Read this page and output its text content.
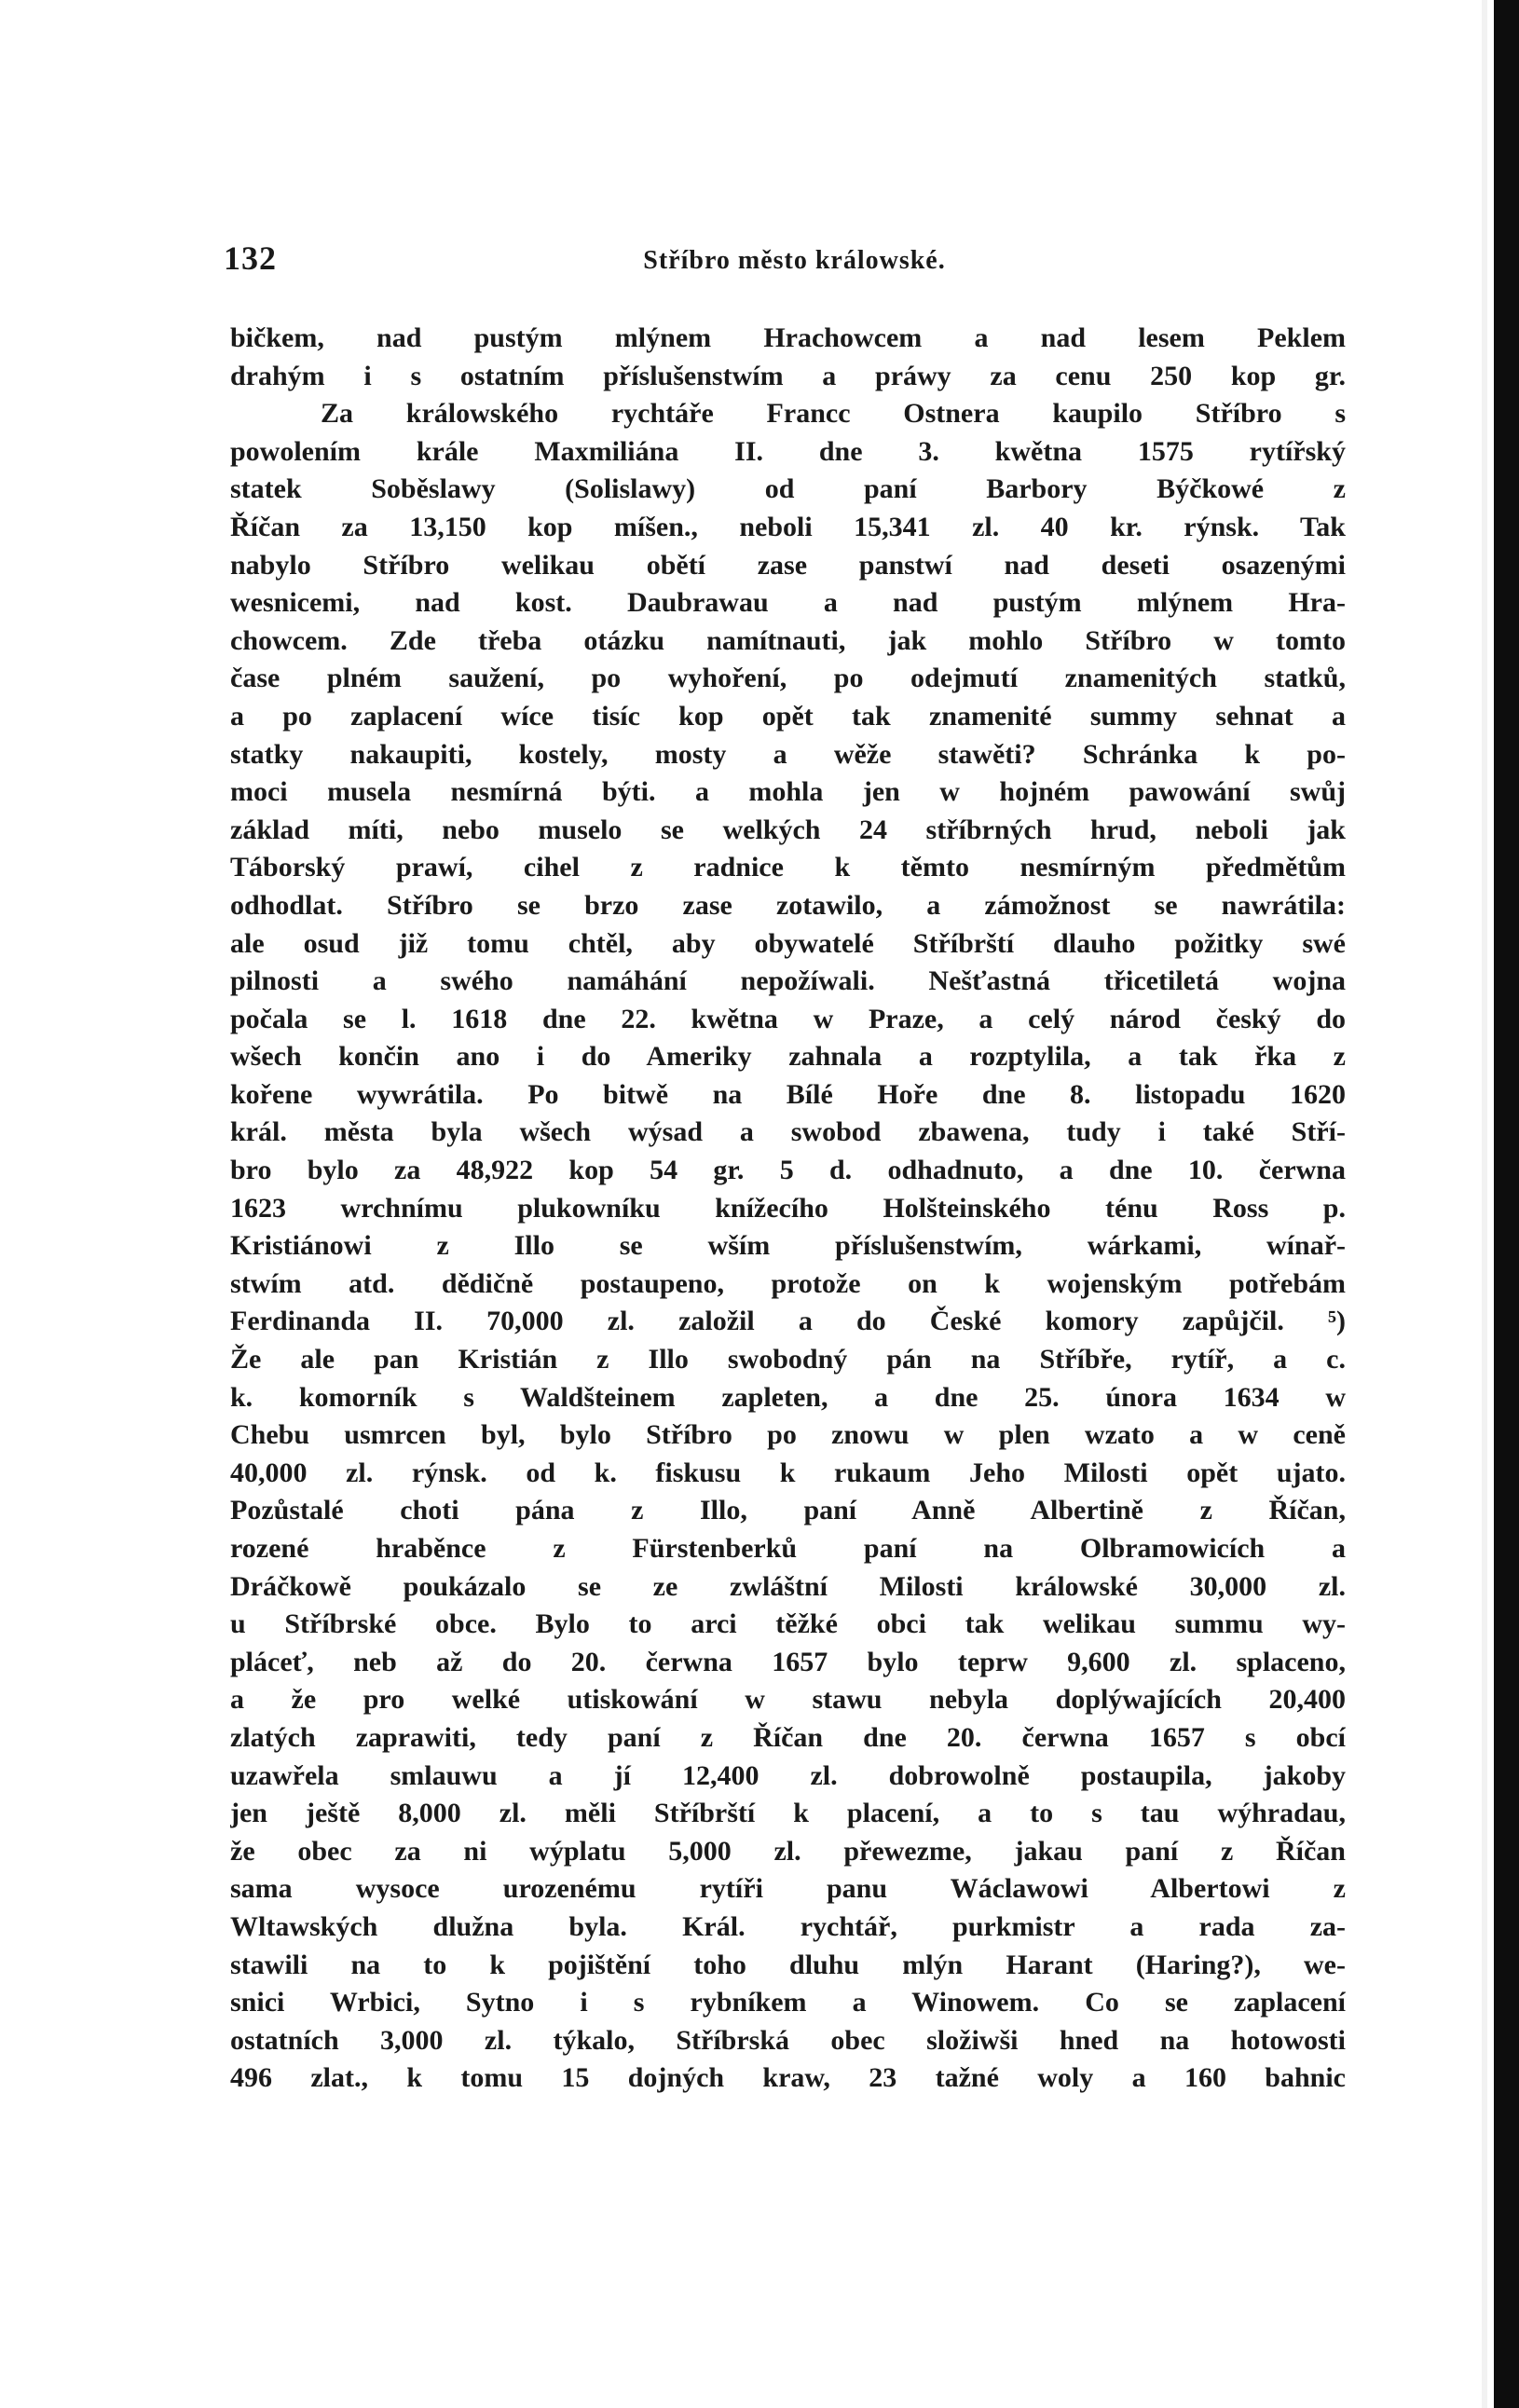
132	Stříbro město králowské.
bičkem, nad pustým mlýnem Hrachowcem a nad lesem Peklem
drahým i s ostatním příslušenstwím a práwy za cenu 250 kop gr.
Za králowského rychtáře Francc Ostnera kaupilo Stříbro s
powolením krále Maxmiliána II. dne 3. kwětna 1575 rytířský
statek Soběslawy (Solislawy) od paní Barbory Býčkowé z
Říčan za 13,150 kop míšen., neboli 15,341 zl. 40 kr. rýnsk. Tak
nabylo Stříbro welikau obětí zase panstwí nad deseti osazenými
wesnicemi, nad kost. Daubrawau a nad pustým mlýnem Hra-
chowcem. Zde třeba otázku namítnauti, jak mohlo Stříbro w tomto
čase plném saužení, po wyhoření, po odejmutí znamenitých statků,
a po zaplacení wíce tisíc kop opět tak znamenité summy sehnat a
statky nakaupiti, kostely, mosty a wěže stawěti? Schránka k po-
moci musela nesmírná býti. a mohla jen w hojném pawowání swůj
základ míti, nebo muselo se welkých 24 stříbrných hrud, neboli jak
Táborský prawí, cihel z radnice k těmto nesmírným předmětům
odhodlat. Stříbro se brzo zase zotawilo, a zámožnost se nawrátila:
ale osud již tomu chtěl, aby obywatelé Stříbrští dlauho požitky swé
pilnosti a swého namáhání nepožíwali. Nešťastná třicetiletá wojna
počala se l. 1618 dne 22. kwětna w Praze, a celý národ český do
wšech končin ano i do Ameriky zahnala a rozptylila, a tak řka z
kořene wywrátila. Po bitwě na Bílé Hoře dne 8. listopadu 1620
král. města byla wšech wýsad a swobod zbawena, tudy i také Stří-
bro bylo za 48,922 kop 54 gr. 5 d. odhadnuto, a dne 10. čerwna
1623 wrchnímu plukowníku knížecího Holšteinského ténu Ross p.
Kristiánowi z Illo se wším příslušenstwím, wárkami, wínař-
stwím atd. dědičně postaupeno, protože on k wojenským potřebám
Ferdinanda II. 70,000 zl. založil a do České komory zapůjčil. ⁵)
Že ale pan Kristián z Illo swobodný pán na Stříbře, rytíř, a c.
k. komorník s Waldšteinem zapleten, a dne 25. února 1634 w
Chebu usmrcen byl, bylo Stříbro po znowu w plen wzato a w ceně
40,000 zl. rýnsk. od k. fiskusu k rukaum Jeho Milosti opět ujato.
Pozůstalé choti pána z Illo, paní Anně Albertině z Říčan,
rozené hraběnce z Fürstenberků paní na Olbramowicích a
Dráčkowě poukázalo se ze zwláštní Milosti králowské 30,000 zl.
u Stříbrské obce. Bylo to arci těžké obci tak welikau summu wy-
pláceť, neb až do 20. čerwna 1657 bylo teprw 9,600 zl. splaceno,
a že pro welké utiskowání w stawu nebyla doplýwajících 20,400
zlatých zaprawiti, tedy paní z Říčan dne 20. čerwna 1657 s obcí
uzawřela smlauwu a jí 12,400 zl. dobrowolně postaupila, jakoby
jen ještě 8,000 zl. měli Stříbrští k placení, a to s tau wýhradau,
že obec za ni wýplatu 5,000 zl. přewezme, jakau paní z Říčan
sama wysoce urozenému rytíři panu Wáclawowi Albertowi z
Wltawských dlužna byla. Král. rychtář, purkmistr a rada za-
stawili na to k pojištění toho dluhu mlýn Harant (Haring?), we-
snici Wrbici, Sytno i s rybníkem a Winowem. Co se zaplacení
ostatních 3,000 zl. týkalo, Stříbrská obec složiwši hned na hotowosti
496 zlat., k tomu 15 dojných kraw, 23 tažné woly a 160 bahnic
